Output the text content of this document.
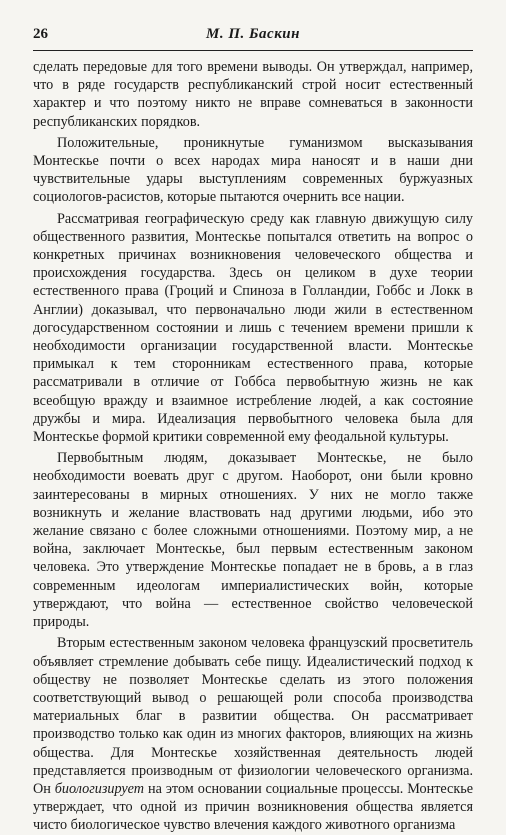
26	М. П. Баскин

сделать передовые для того времени выводы. Он утверждал, например, что в ряде государств республиканский строй носит естественный характер и что поэтому никто не вправе сомневаться в законности республиканских порядков.

Положительные, проникнутые гуманизмом высказывания Монтескье почти о всех народах мира наносят и в наши дни чувствительные удары выступлениям современных буржуазных социологов-расистов, которые пытаются очернить все нации.

Рассматривая географическую среду как главную движущую силу общественного развития, Монтескье попытался ответить на вопрос о конкретных причинах возникновения человеческого общества и происхождения государства. Здесь он целиком в духе теории естественного права (Гроций и Спиноза в Голландии, Гоббс и Локк в Англии) доказывал, что первоначально люди жили в естественном догосударственном состоянии и лишь с течением времени пришли к необходимости организации государственной власти. Монтескье примыкал к тем сторонникам естественного права, которые рассматривали в отличие от Гоббса первобытную жизнь не как всеобщую вражду и взаимное истребление людей, а как состояние дружбы и мира. Идеализация первобытного человека была для Монтескье формой критики современной ему феодальной культуры.

Первобытным людям, доказывает Монтескье, не было необходимости воевать друг с другом. Наоборот, они были кровно заинтересованы в мирных отношениях. У них не могло также возникнуть и желание властвовать над другими людьми, ибо это желание связано с более сложными отношениями. Поэтому мир, а не война, заключает Монтескье, был первым естественным законом человека. Это утверждение Монтескье попадает не в бровь, а в глаз современным идеологам империалистических войн, которые утверждают, что война — естественное свойство человеческой природы.

Вторым естественным законом человека французский просветитель объявляет стремление добывать себе пищу. Идеалистический подход к обществу не позволяет Монтескье сделать из этого положения соответствующий вывод о решающей роли способа производства материальных благ в развитии общества. Он рассматривает производство только как один из многих факторов, влияющих на жизнь общества. Для Монтескье хозяйственная деятельность людей представляется производным от физиологии человеческого организма. Он биологизирует на этом основании социальные процессы. Монтескье утверждает, что одной из причин возникновения общества является чисто биологическое чувство влечения каждого животного организма
